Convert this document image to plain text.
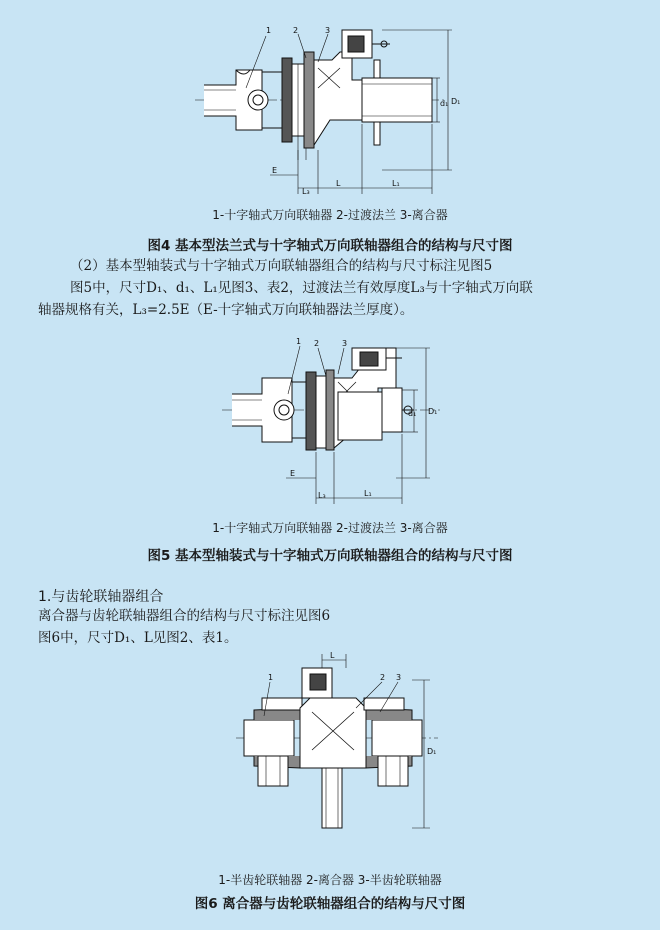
1	2	3
E
L₃
L	L₁
d₁ D₁
1-十字轴式万向联轴器 2-过渡法兰 3-离合器
图4 基本型法兰式与十字轴式万向联轴器组合的结构与尺寸图
（2）基本型轴装式与十字轴式万向联轴器组合的结构与尺寸标注见图5
图5中，尺寸D₁、d₁、L₁见图3、表2，过渡法兰有效厚度L₃与十字轴式万向联
轴器规格有关，L₃=2.5E（E-十字轴式万向联轴器法兰厚度）。
1 2	3
E
L₃	L₁
d₁ D₁
1-十字轴式万向联轴器 2-过渡法兰 3-离合器
图5 基本型轴装式与十字轴式万向联轴器组合的结构与尺寸图
1.与齿轮联轴器组合
离合器与齿轮联轴器组合的结构与尺寸标注见图6
图6中，尺寸D₁、L见图2、表1。
1	2 3
L
D₁
1-半齿轮联轴器 2-离合器 3-半齿轮联轴器
图6 离合器与齿轮联轴器组合的结构与尺寸图
